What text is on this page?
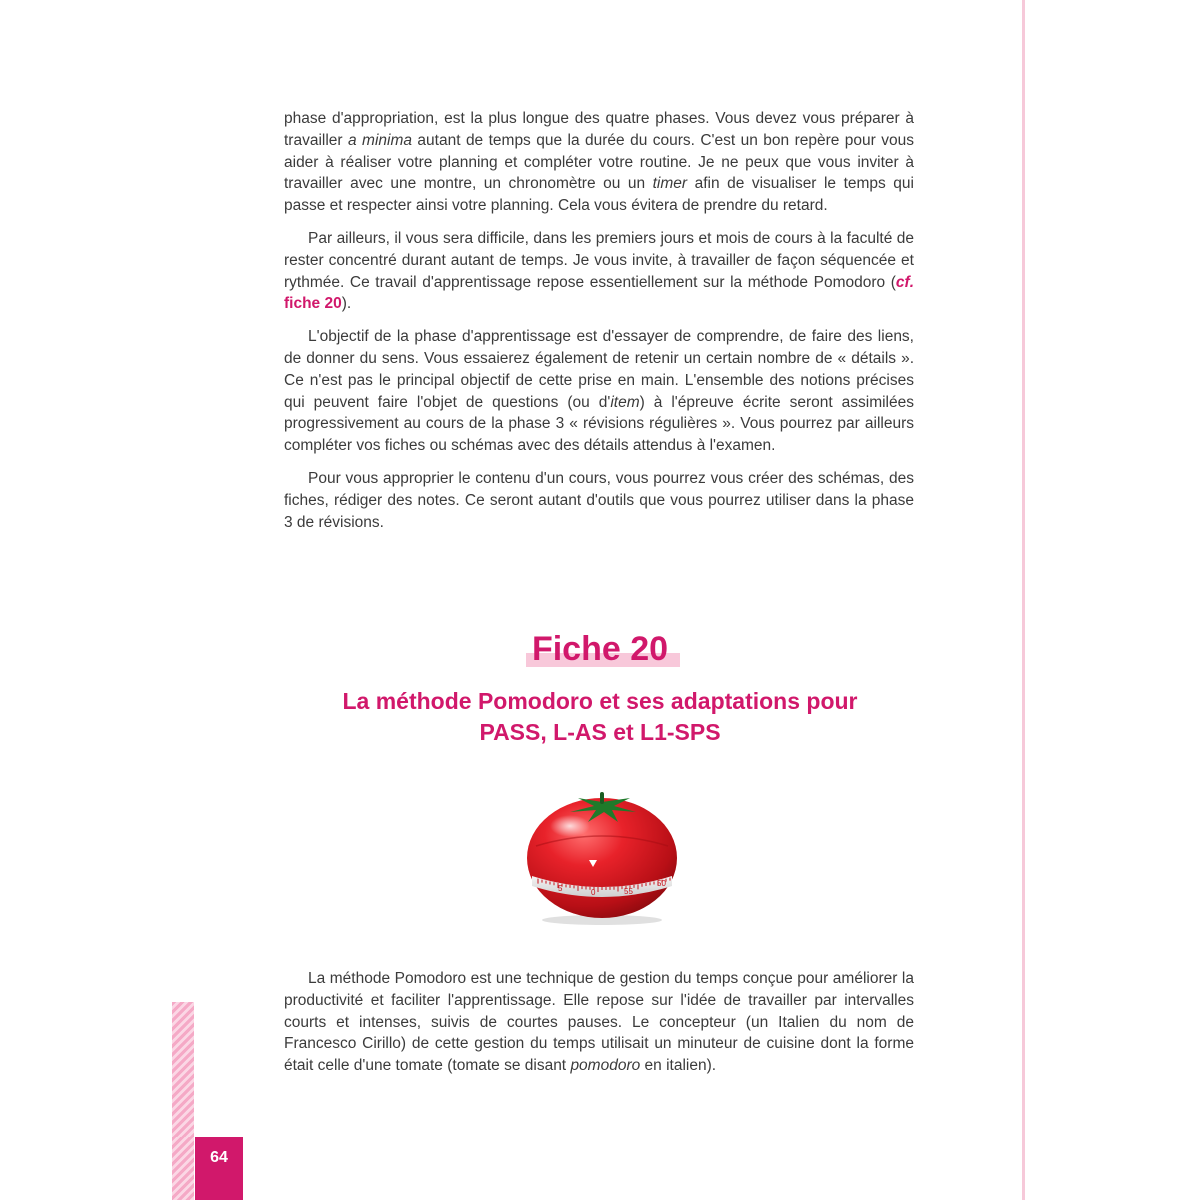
phase d'appropriation, est la plus longue des quatre phases. Vous devez vous préparer à travailler a minima autant de temps que la durée du cours. C'est un bon repère pour vous aider à réaliser votre planning et compléter votre routine. Je ne peux que vous inviter à travailler avec une montre, un chronomètre ou un timer afin de visualiser le temps qui passe et respecter ainsi votre planning. Cela vous évitera de prendre du retard.

Par ailleurs, il vous sera difficile, dans les premiers jours et mois de cours à la faculté de rester concentré durant autant de temps. Je vous invite, à travailler de façon séquencée et rythmée. Ce travail d'apprentissage repose essentiellement sur la méthode Pomodoro (cf. fiche 20).

L'objectif de la phase d'apprentissage est d'essayer de comprendre, de faire des liens, de donner du sens. Vous essaierez également de retenir un certain nombre de « détails ». Ce n'est pas le principal objectif de cette prise en main. L'ensemble des notions précises qui peuvent faire l'objet de questions (ou d'item) à l'épreuve écrite seront assimilées progressivement au cours de la phase 3 « révisions régulières ». Vous pourrez par ailleurs compléter vos fiches ou schémas avec des détails attendus à l'examen.

Pour vous approprier le contenu d'un cours, vous pourrez vous créer des schémas, des fiches, rédiger des notes. Ce seront autant d'outils que vous pourrez utiliser dans la phase 3 de révisions.

Fiche 20
La méthode Pomodoro et ses adaptations pour
PASS, L-AS et L1-SPS
5	0	55
50

La méthode Pomodoro est une technique de gestion du temps conçue pour améliorer la productivité et faciliter l'apprentissage. Elle repose sur l'idée de travailler par intervalles courts et intenses, suivis de courtes pauses. Le concepteur (un Italien du nom de Francesco Cirillo) de cette gestion du temps utilisait un minuteur de cuisine dont la forme était celle d'une tomate (tomate se disant pomodoro en italien).

64
